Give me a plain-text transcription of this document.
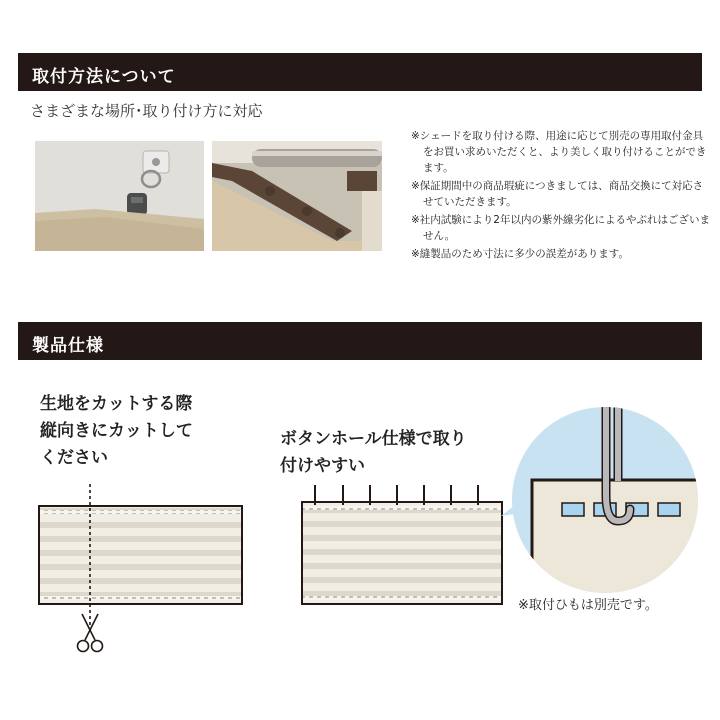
取付方法について
さまざまな場所･取り付け方に対応

※シェードを取り付ける際、用途に応じて別売の専用取付金具をお買い求めいただくと、より美しく取り付けることができます。

※保証期間中の商品瑕疵につきましては、商品交換にて対応させていただきます。

※社内試験により2年以内の紫外線劣化によるやぶれはございません。

※縫製品のため寸法に多少の誤差があります。

製品仕様
生地をカットする際
縦向きにカットして
ください
ボタンホール仕様で取り
付けやすい
※取付ひもは別売です。
